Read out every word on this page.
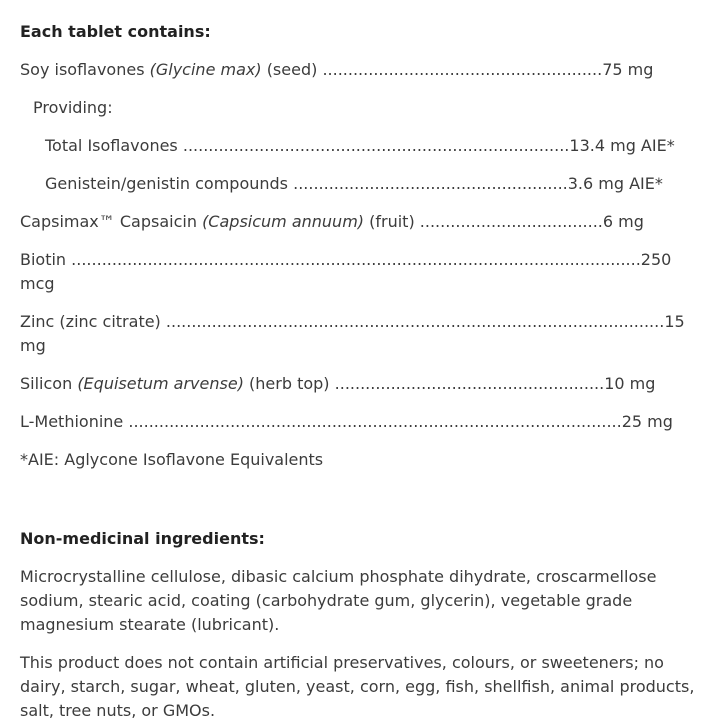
Each tablet contains:

Soy isoflavones (Glycine max) (seed) .......................................................75 mg

Providing:

Total Isoflavones ............................................................................13.4 mg AIE*

Genistein/genistin compounds ......................................................3.6 mg AIE*

Capsimax™ Capsaicin (Capsicum annuum) (fruit) ....................................6 mg

Biotin ................................................................................................................250 mcg

Zinc (zinc citrate) ..................................................................................................15 mg

Silicon (Equisetum arvense) (herb top) .....................................................10 mg

L-Methionine .................................................................................................25 mg

*AIE: Aglycone Isoflavone Equivalents

Non-medicinal ingredients:

Microcrystalline cellulose, dibasic calcium phosphate dihydrate, croscarmellose sodium, stearic acid, coating (carbohydrate gum, glycerin), vegetable grade magnesium stearate (lubricant).

This product does not contain artificial preservatives, colours, or sweeteners; no dairy, starch, sugar, wheat, gluten, yeast, corn, egg, fish, shellfish, animal products, salt, tree nuts, or GMOs.
